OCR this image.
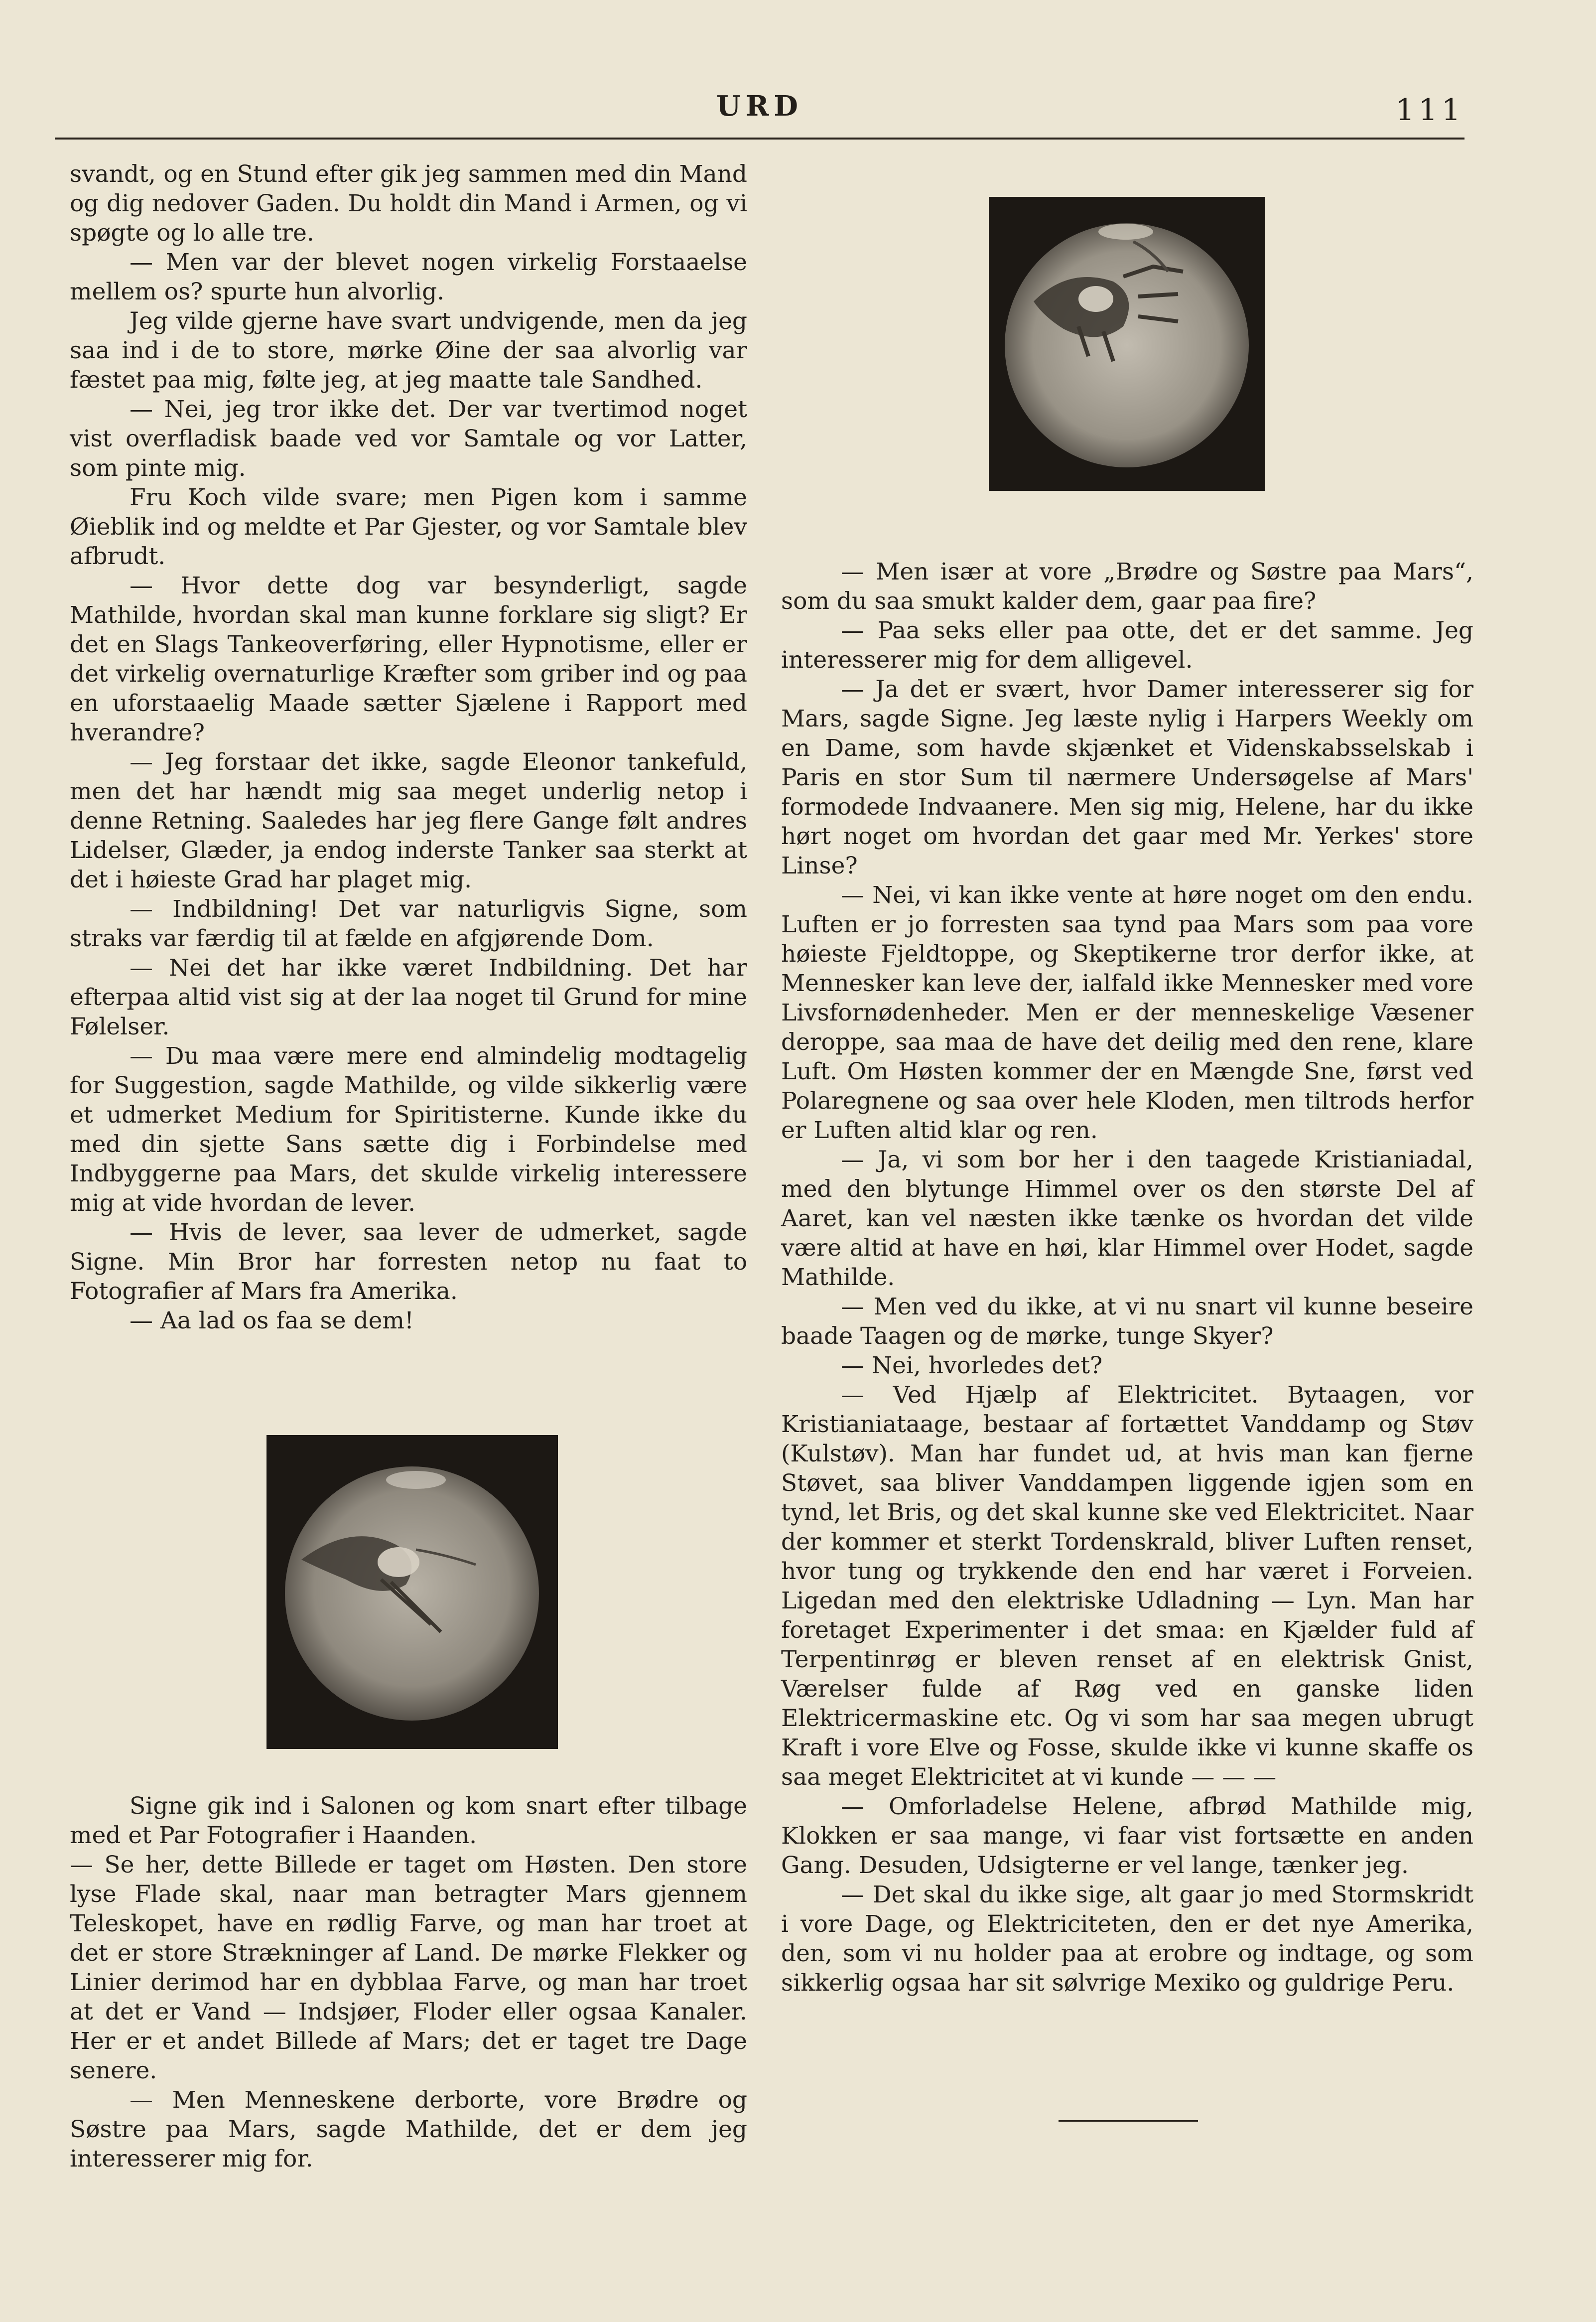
URD	111

svandt, og en Stund efter gik jeg sammen med din Mand og dig nedover Gaden. Du holdt din Mand i Armen, og vi spøgte og lo alle tre.

— Men var der blevet nogen virkelig Forstaaelse mellem os? spurte hun alvorlig.

Jeg vilde gjerne have svart undvigende, men da jeg saa ind i de to store, mørke Øine der saa alvorlig var fæstet paa mig, følte jeg, at jeg maatte tale Sandhed.

— Nei, jeg tror ikke det. Der var tvertimod noget vist overfladisk baade ved vor Samtale og vor Latter, som pinte mig.

Fru Koch vilde svare; men Pigen kom i samme Øieblik ind og meldte et Par Gjester, og vor Samtale blev afbrudt.

— Hvor dette dog var besynderligt, sagde Mathilde, hvordan skal man kunne forklare sig sligt? Er det en Slags Tankeoverføring, eller Hypnotisme, eller er det virkelig overnaturlige Kræfter som griber ind og paa en uforstaaelig Maade sætter Sjælene i Rapport med hverandre?

— Jeg forstaar det ikke, sagde Eleonor tankefuld, men det har hændt mig saa meget underlig netop i denne Retning. Saaledes har jeg flere Gange følt andres Lidelser, Glæder, ja endog inderste Tanker saa sterkt at det i høieste Grad har plaget mig.

— Indbildning! Det var naturligvis Signe, som straks var færdig til at fælde en afgjørende Dom.

— Nei det har ikke været Indbildning. Det har efterpaa altid vist sig at der laa noget til Grund for mine Følelser.

— Du maa være mere end almindelig modtagelig for Suggestion, sagde Mathilde, og vilde sikkerlig være et udmerket Medium for Spiritisterne. Kunde ikke du med din sjette Sans sætte dig i Forbindelse med Indbyggerne paa Mars, det skulde virkelig interessere mig at vide hvordan de lever.

— Hvis de lever, saa lever de udmerket, sagde Signe. Min Bror har forresten netop nu faat to Fotografier af Mars fra Amerika.

— Aa lad os faa se dem!

Signe gik ind i Salonen og kom snart efter tilbage med et Par Fotografier i Haanden.

— Se her, dette Billede er taget om Høsten. Den store lyse Flade skal, naar man betragter Mars gjennem Teleskopet, have en rødlig Farve, og man har troet at det er store Strækninger af Land. De mørke Flekker og Linier derimod har en dybblaa Farve, og man har troet at det er Vand — Indsjøer, Floder eller ogsaa Kanaler. Her er et andet Billede af Mars; det er taget tre Dage senere.

— Men Menneskene derborte, vore Brødre og Søstre paa Mars, sagde Mathilde, det er dem jeg interesserer mig for.

— Men især at vore „Brødre og Søstre paa Mars“, som du saa smukt kalder dem, gaar paa fire?

— Paa seks eller paa otte, det er det samme. Jeg interesserer mig for dem alligevel.

— Ja det er svært, hvor Damer interesserer sig for Mars, sagde Signe. Jeg læste nylig i Harpers Weekly om en Dame, som havde skjænket et Videnskabsselskab i Paris en stor Sum til nærmere Undersøgelse af Mars' formodede Indvaanere. Men sig mig, Helene, har du ikke hørt noget om hvordan det gaar med Mr. Yerkes' store Linse?

— Nei, vi kan ikke vente at høre noget om den endu. Luften er jo forresten saa tynd paa Mars som paa vore høieste Fjeldtoppe, og Skeptikerne tror derfor ikke, at Mennesker kan leve der, ialfald ikke Mennesker med vore Livsfornødenheder. Men er der menneskelige Væsener deroppe, saa maa de have det deilig med den rene, klare Luft. Om Høsten kommer der en Mængde Sne, først ved Polaregnene og saa over hele Kloden, men tiltrods herfor er Luften altid klar og ren.

— Ja, vi som bor her i den taagede Kristianiadal, med den blytunge Himmel over os den største Del af Aaret, kan vel næsten ikke tænke os hvordan det vilde være altid at have en høi, klar Himmel over Hodet, sagde Mathilde.

— Men ved du ikke, at vi nu snart vil kunne beseire baade Taagen og de mørke, tunge Skyer?

— Nei, hvorledes det?

— Ved Hjælp af Elektricitet. Bytaagen, vor Kristianiataage, bestaar af fortættet Vanddamp og Støv (Kulstøv). Man har fundet ud, at hvis man kan fjerne Støvet, saa bliver Vanddampen liggende igjen som en tynd, let Bris, og det skal kunne ske ved Elektricitet. Naar der kommer et sterkt Tordenskrald, bliver Luften renset, hvor tung og trykkende den end har været i Forveien. Ligedan med den elektriske Udladning — Lyn. Man har foretaget Experimenter i det smaa: en Kjælder fuld af Terpentinrøg er bleven renset af en elektrisk Gnist, Værelser fulde af Røg ved en ganske liden Elektricermaskine etc. Og vi som har saa megen ubrugt Kraft i vore Elve og Fosse, skulde ikke vi kunne skaffe os saa meget Elektricitet at vi kunde — — —

— Omforladelse Helene, afbrød Mathilde mig, Klokken er saa mange, vi faar vist fortsætte en anden Gang. Desuden, Udsigterne er vel lange, tænker jeg.

— Det skal du ikke sige, alt gaar jo med Stormskridt i vore Dage, og Elektriciteten, den er det nye Amerika, den, som vi nu holder paa at erobre og indtage, og som sikkerlig ogsaa har sit sølvrige Mexiko og guldrige Peru.
